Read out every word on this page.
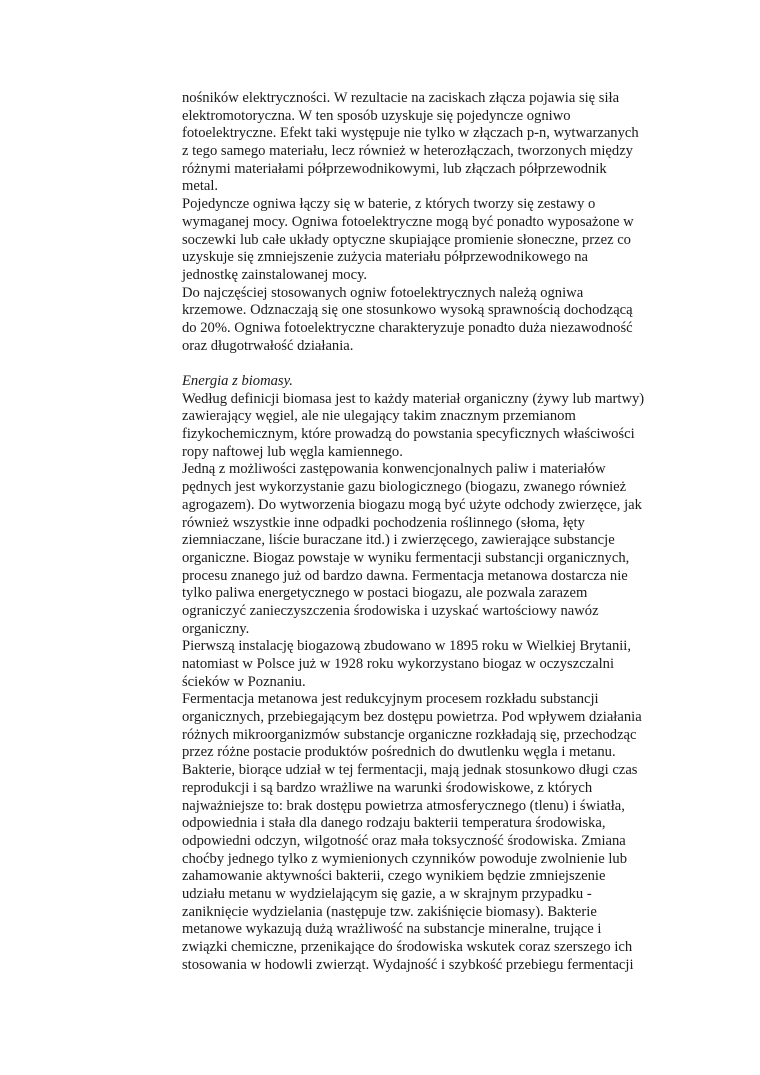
nośników elektryczności. W rezultacie na zaciskach złącza pojawia się siła
elektromotoryczna. W ten sposób uzyskuje się pojedyncze ogniwo
fotoelektryczne. Efekt taki występuje nie tylko w złączach p-n, wytwarzanych
z tego samego materiału, lecz również w heterozłączach, tworzonych między
różnymi materiałami półprzewodnikowymi, lub złączach półprzewodnik
metal.
Pojedyncze ogniwa łączy się w baterie, z których tworzy się zestawy o
wymaganej mocy. Ogniwa fotoelektryczne mogą być ponadto wyposażone w
soczewki lub całe układy optyczne skupiające promienie słoneczne, przez co
uzyskuje się zmniejszenie zużycia materiału półprzewodnikowego na
jednostkę zainstalowanej mocy.
Do najczęściej stosowanych ogniw fotoelektrycznych należą ogniwa
krzemowe. Odznaczają się one stosunkowo wysoką sprawnością dochodzącą
do 20%. Ogniwa fotoelektryczne charakteryzuje ponadto duża niezawodność
oraz długotrwałość działania.
Energia z biomasy.
Według definicji biomasa jest to każdy materiał organiczny (żywy lub martwy)
zawierający węgiel, ale nie ulegający takim znacznym przemianom
fizykochemicznym, które prowadzą do powstania specyficznych właściwości
ropy naftowej lub węgla kamiennego.
Jedną z możliwości zastępowania konwencjonalnych paliw i materiałów
pędnych jest wykorzystanie gazu biologicznego (biogazu, zwanego również
agrogazem). Do wytworzenia biogazu mogą być użyte odchody zwierzęce, jak
również wszystkie inne odpadki pochodzenia roślinnego (słoma, łęty
ziemniaczane, liście buraczane itd.) i zwierzęcego, zawierające substancje
organiczne. Biogaz powstaje w wyniku fermentacji substancji organicznych,
procesu znanego już od bardzo dawna. Fermentacja metanowa dostarcza nie
tylko paliwa energetycznego w postaci biogazu, ale pozwala zarazem
ograniczyć zanieczyszczenia środowiska i uzyskać wartościowy nawóz
organiczny.
Pierwszą instalację biogazową zbudowano w 1895 roku w Wielkiej Brytanii,
natomiast w Polsce już w 1928 roku wykorzystano biogaz w oczyszczalni
ścieków w Poznaniu.
Fermentacja metanowa jest redukcyjnym procesem rozkładu substancji
organicznych, przebiegającym bez dostępu powietrza. Pod wpływem działania
różnych mikroorganizmów substancje organiczne rozkładają się, przechodząc
przez różne postacie produktów pośrednich do dwutlenku węgla i metanu.
Bakterie, biorące udział w tej fermentacji, mają jednak stosunkowo długi czas
reprodukcji i są bardzo wrażliwe na warunki środowiskowe, z których
najważniejsze to: brak dostępu powietrza atmosferycznego (tlenu) i światła,
odpowiednia i stała dla danego rodzaju bakterii temperatura środowiska,
odpowiedni odczyn, wilgotność oraz mała toksyczność środowiska. Zmiana
choćby jednego tylko z wymienionych czynników powoduje zwolnienie lub
zahamowanie aktywności bakterii, czego wynikiem będzie zmniejszenie
udziału metanu w wydzielającym się gazie, a w skrajnym przypadku -
zaniknięcie wydzielania (następuje tzw. zakiśnięcie biomasy). Bakterie
metanowe wykazują dużą wrażliwość na substancje mineralne, trujące i
związki chemiczne, przenikające do środowiska wskutek coraz szerszego ich
stosowania w hodowli zwierząt. Wydajność i szybkość przebiegu fermentacji
